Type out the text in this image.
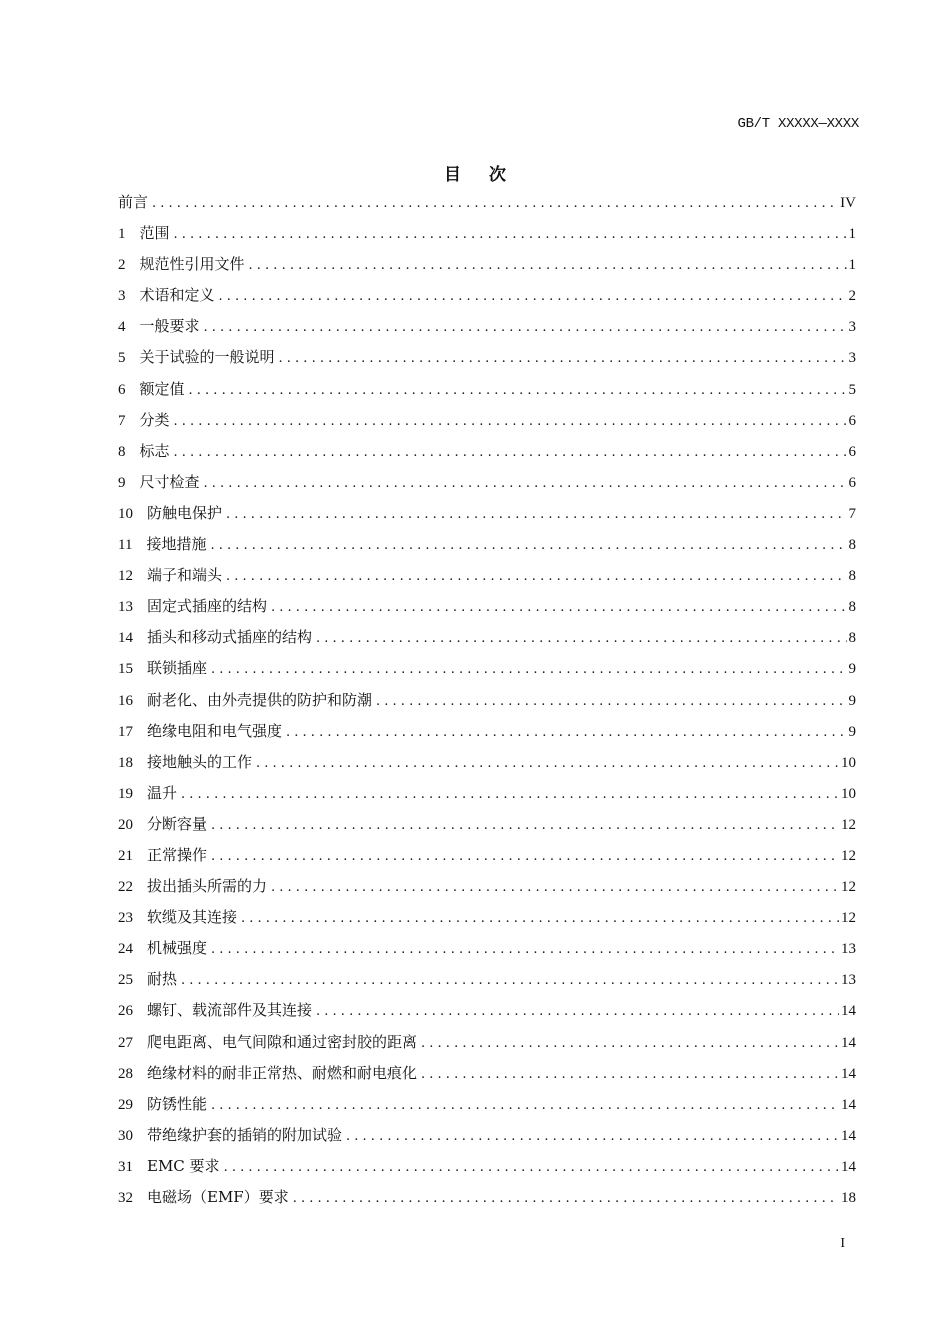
GB/T XXXXX—XXXX
目 次
前言 . . .	IV
1 范围 . . .	1
2 规范性引用文件 . . .	1
3 术语和定义 . . .	2
4 一般要求 . . .	3
5 关于试验的一般说明 . . .	3
6 额定值 . . .	5
7 分类 . . .	6
8 标志 . . .	6
9 尺寸检查 . . .	6
10 防触电保护 . . .	7
11 接地措施 . . .	8
12 端子和端头 . . .	8
13 固定式插座的结构 . . .	8
14 插头和移动式插座的结构 . . .	8
15 联锁插座 . . .	9
16 耐老化、由外壳提供的防护和防潮 . . .	9
17 绝缘电阻和电气强度 . . .	9
18 接地触头的工作 . . .	10
19 温升 . . .	10
20 分断容量 . . .	12
21 正常操作 . . .	12
22 拔出插头所需的力 . . .	12
23 软缆及其连接 . . .	12
24 机械强度 . . .	13
25 耐热 . . .	13
26 螺钉、载流部件及其连接 . . .	14
27 爬电距离、电气间隙和通过密封胶的距离 . . .	14
28 绝缘材料的耐非正常热、耐燃和耐电痕化 . . .	14
29 防锈性能 . . .	14
30 带绝缘护套的插销的附加试验 . . .	14
31 EMC 要求 . . .	14
32 电磁场（EMF）要求 . . .	18
I
